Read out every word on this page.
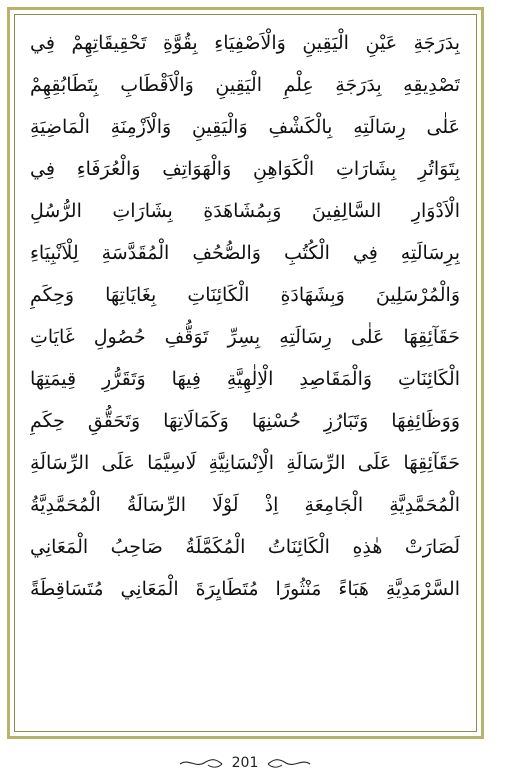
بِدَرَجَةِ عَيْنِ الْيَقِينِ وَالْاَصْفِيَاءِ بِقُوَّةِ تَحْقِيقَاتِهِمْ فِي
تَصْدِيقِهِ بِدَرَجَةِ عِلْمِ الْيَقِينِ وَالْاَقْطَابِ بِتَطَابُقِهِمْ
عَلٰى رِسَالَتِهِ بِالْكَشْفِ وَالْيَقِينِ وَالْاَزْمِنَةِ الْمَاضِيَةِ
بِتَوَاتُرِ بِشَارَاتِ الْكَوَاهِنِ وَالْهَوَاتِفِ وَالْعُرَفَاءِ فِي
الْاَدْوَارِ السَّالِفِينَ وَبِمُشَاهَدَةِ بِشَارَاتِ الرُّسُلِ
بِرِسَالَتِهِ فِي الْكُتُبِ وَالصُّحُفِ الْمُقَدَّسَةِ لِلْاَنْبِيَاءِ
وَالْمُرْسَلِينَ وَبِشَهَادَةِ الْكَائِنَاتِ بِغَايَاتِهَا وَحِكَمِ
حَقَآئِقِهَا عَلٰى رِسَالَتِهِ بِسِرِّ تَوَقُّفِ حُصُولِ غَايَاتِ
الْكَائِنَاتِ وَالْمَقَاصِدِ الْاِلٰهِيَّةِ فِيهَا وَتَقَرُّرِ قِيمَتِهَا
وَوَظَائِفِهَا وَتَبَارُزِ حُسْنِهَا وَكَمَالَاتِهَا وَتَحَقُّقِ حِكَمِ
حَقَآئِقِهَا عَلَى الرِّسَالَةِ الْاِنْسَانِيَّةِ لَاسِيَّمَا عَلَى الرِّسَالَةِ
الْمُحَمَّدِيَّةِ الْجَامِعَةِ اِذْ لَوْلَا الرِّسَالَةُ الْمُحَمَّدِيَّةُ
لَصَارَتْ هٰذِهِ الْكَائِنَاتُ الْمُكَمَّلَةُ صَاحِبُ الْمَعَانِي
السَّرْمَدِيَّةِ هَبَاءً مَنْثُورًا مُتَطَايِرَةَ الْمَعَانِي مُتَسَاقِطَةً
201
